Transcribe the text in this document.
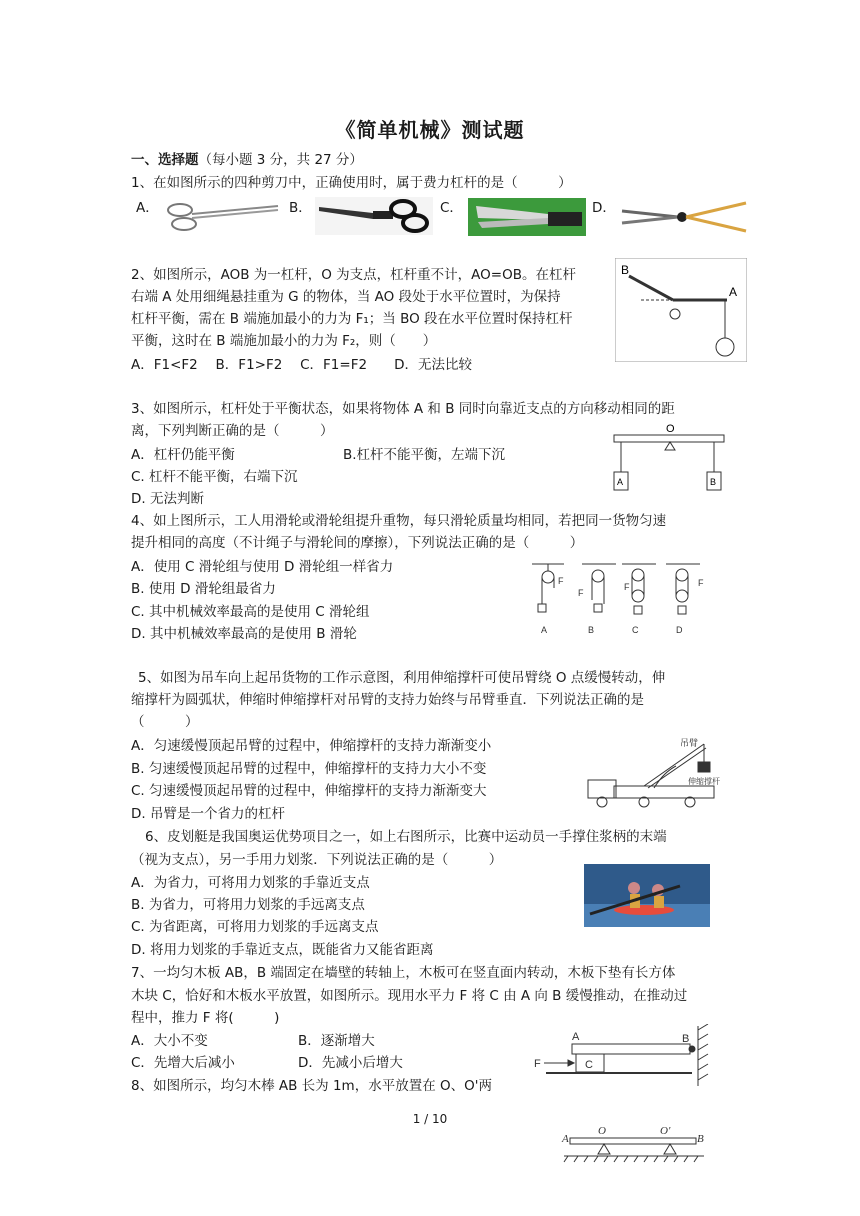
《简单机械》测试题
一、选择题（每小题 3 分，共 27 分）
1、在如图所示的四种剪刀中，正确使用时，属于费力杠杆的是（　　　）
A．	B．	C．	D．
2、如图所示，AOB 为一杠杆，O 为支点，杠杆重不计，AO=OB。在杠杆
右端 A 处用细绳悬挂重为 G 的物体，当 AO 段处于水平位置时，为保持
杠杆平衡，需在 B 端施加最小的力为 F₁；当 BO 段在水平位置时保持杠杆
平衡，这时在 B 端施加最小的力为 F₂，则（　　）
A．F1<F2　 B．F1>F2　 C．F1=F2　　D．无法比较
B
A
3、如图所示，杠杆处于平衡状态，如果将物体 A 和 B 同时向靠近支点的方向移动相同的距
离，下列判断正确的是（　　　）
A．杠杆仍能平衡	B.杠杆不能平衡，左端下沉
C. 杠杆不能平衡，右端下沉
D. 无法判断
O
A	B
4、如上图所示，工人用滑轮或滑轮组提升重物，每只滑轮质量均相同，若把同一货物匀速
提升相同的高度（不计绳子与滑轮间的摩擦），下列说法正确的是（　　　）
A．使用 C 滑轮组与使用 D 滑轮组一样省力
B. 使用 D 滑轮组最省力
C. 其中机械效率最高的是使用 C 滑轮组
D. 其中机械效率最高的是使用 B 滑轮
F
F
F	F
A	B	C	D
5、如图为吊车向上起吊货物的工作示意图，利用伸缩撑杆可使吊臂绕 O 点缓慢转动，伸
缩撑杆为圆弧状，伸缩时伸缩撑杆对吊臂的支持力始终与吊臂垂直．下列说法正确的是
（　　　）
A．匀速缓慢顶起吊臂的过程中，伸缩撑杆的支持力渐渐变小
B. 匀速缓慢顶起吊臂的过程中，伸缩撑杆的支持力大小不变
C. 匀速缓慢顶起吊臂的过程中，伸缩撑杆的支持力渐渐变大
D. 吊臂是一个省力的杠杆
吊臂
伸缩撑杆
6、皮划艇是我国奥运优势项目之一，如上右图所示，比赛中运动员一手撑住浆柄的末端
（视为支点），另一手用力划浆．下列说法正确的是（　　　）
A．为省力，可将用力划浆的手靠近支点
B. 为省力，可将用力划浆的手远离支点
C. 为省距离，可将用力划浆的手远离支点
D. 将用力划浆的手靠近支点，既能省力又能省距离
7、一均匀木板 AB，B 端固定在墙壁的转轴上，木板可在竖直面内转动，木板下垫有长方体
木块 C，恰好和木板水平放置，如图所示。现用水平力 F 将 C 由 A 向 B 缓慢推动，在推动过
程中，推力 F 将(　　　)
A．大小不变	B．逐渐增大
C．先增大后减小	D．先减小后增大
A	B
C
F
8、如图所示，均匀木棒 AB 长为 1m，水平放置在 O、O'两
A
O	O'
B
1 / 10
